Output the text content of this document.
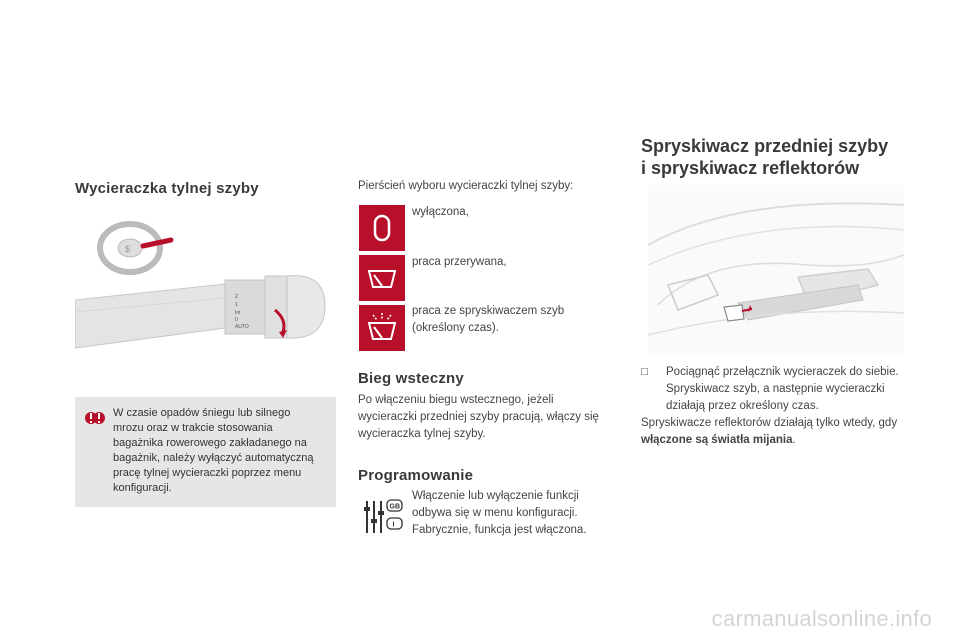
Wycieraczka tylnej szyby
$
2
1
Int
0
AUTO
W czasie opadów śniegu lub silnego mrozu oraz w trakcie stosowania bagażnika rowerowego zakładanego na bagażnik, należy wyłączyć automatyczną pracę tylnej wycieraczki poprzez menu konfiguracji.
Pierścień wyboru wycieraczki tylnej szyby:
wyłączona,
praca przerywana,
praca ze spryskiwaczem szyb (określony czas).
Bieg wsteczny
Po włączeniu biegu wstecznego, jeżeli wycieraczki przedniej szyby pracują, włączy się wycieraczka tylnej szyby.
Programowanie
GB
I
Włączenie lub wyłączenie funkcji odbywa się w menu konfiguracji. Fabrycznie, funkcja jest włączona.
Spryskiwacz przedniej szyby
i spryskiwacz reflektorów
□	Pociągnąć przełącznik wycieraczek do siebie. Spryskiwacz szyb, a następnie wycieraczki działają przez określony czas.
Spryskiwacze reflektorów działają tylko wtedy, gdy włączone są światła mijania.
carmanualsonline.info
